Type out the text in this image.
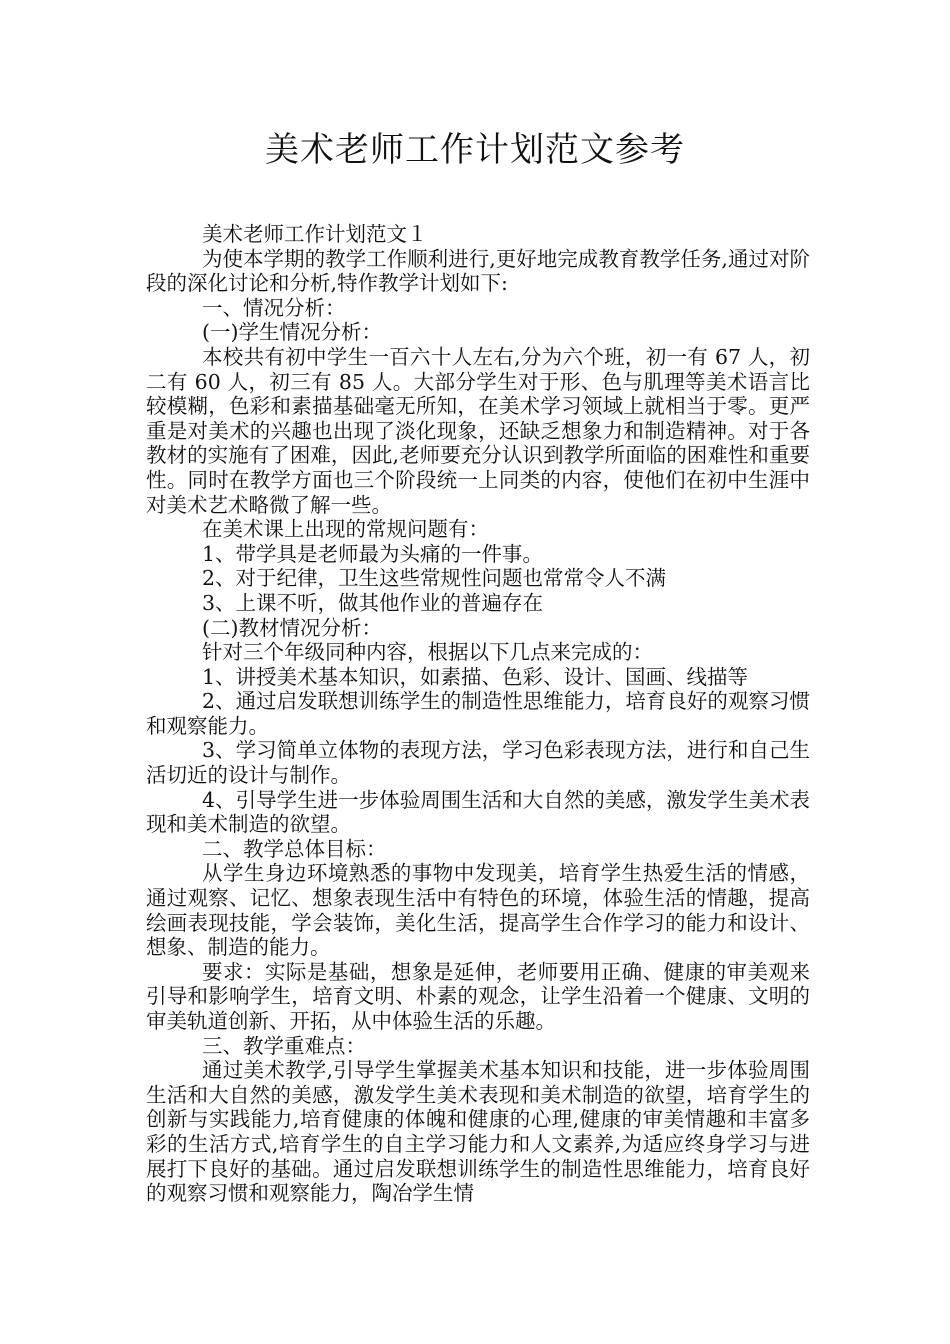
美术老师工作计划范文参考

美术老师工作计划范文１

为使本学期的教学工作顺利进行,更好地完成教育教学任务,通过对阶段的深化讨论和分析,特作教学计划如下:

一、情况分析：

(一)学生情况分析：

本校共有初中学生一百六十人左右,分为六个班，初一有 67 人，初二有 60 人，初三有 85 人。大部分学生对于形、色与肌理等美术语言比较模糊，色彩和素描基础毫无所知，在美术学习领域上就相当于零。更严重是对美术的兴趣也出现了淡化现象，还缺乏想象力和制造精神。对于各教材的实施有了困难，因此,老师要充分认识到教学所面临的困难性和重要性。同时在教学方面也三个阶段统一上同类的内容，使他们在初中生涯中对美术艺术略微了解一些。

在美术课上出现的常规问题有：

1、带学具是老师最为头痛的一件事。

2、对于纪律，卫生这些常规性问题也常常令人不满

3、上课不听，做其他作业的普遍存在

(二)教材情况分析：

针对三个年级同种内容，根据以下几点来完成的：

1、讲授美术基本知识，如素描、色彩、设计、国画、线描等

2、通过启发联想训练学生的制造性思维能力，培育良好的观察习惯和观察能力。

3、学习简单立体物的表现方法，学习色彩表现方法，进行和自己生活切近的设计与制作。

4、引导学生进一步体验周围生活和大自然的美感，激发学生美术表现和美术制造的欲望。

二、教学总体目标：

从学生身边环境熟悉的事物中发现美，培育学生热爱生活的情感，通过观察、记忆、想象表现生活中有特色的环境，体验生活的情趣，提高绘画表现技能，学会装饰，美化生活，提高学生合作学习的能力和设计、想象、制造的能力。

要求：实际是基础，想象是延伸，老师要用正确、健康的审美观来引导和影响学生，培育文明、朴素的观念，让学生沿着一个健康、文明的审美轨道创新、开拓，从中体验生活的乐趣。

三、教学重难点：

通过美术教学,引导学生掌握美术基本知识和技能，进一步体验周围生活和大自然的美感，激发学生美术表现和美术制造的欲望，培育学生的创新与实践能力,培育健康的体魄和健康的心理,健康的审美情趣和丰富多彩的生活方式,培育学生的自主学习能力和人文素养,为适应终身学习与进展打下良好的基础。通过启发联想训练学生的制造性思维能力，培育良好的观察习惯和观察能力，陶冶学生情
